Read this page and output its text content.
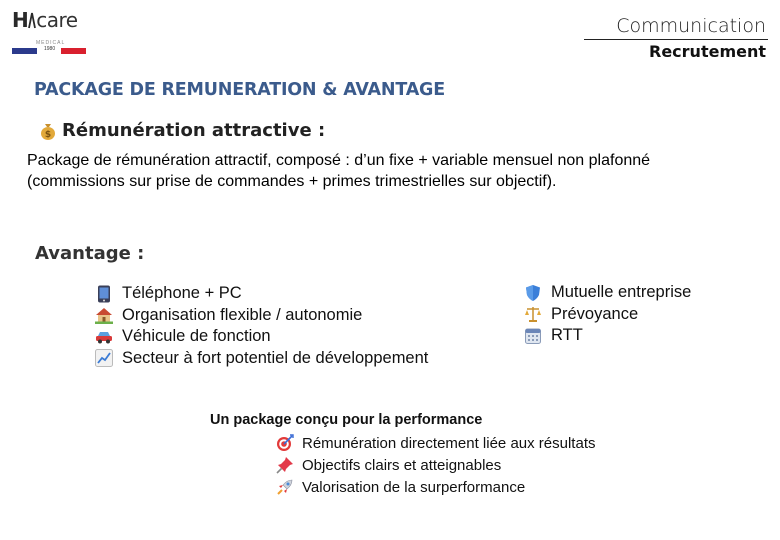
H care
MEDICAL
1980
Communication
Recrutement
PACKAGE DE REMUNERATION & AVANTAGE
$ Rémunération attractive :
Package de rémunération attractif, composé : d’un fixe + variable mensuel non plafonné
(commissions sur prise de commandes + primes trimestrielles sur objectif).
Avantage :
Téléphone + PC
Organisation flexible / autonomie
Véhicule de fonction
Secteur à fort potentiel de développement
Mutuelle entreprise
Prévoyance
RTT
Un package conçu pour la performance
Rémunération directement liée aux résultats
Objectifs clairs et atteignables
Valorisation de la surperformance
